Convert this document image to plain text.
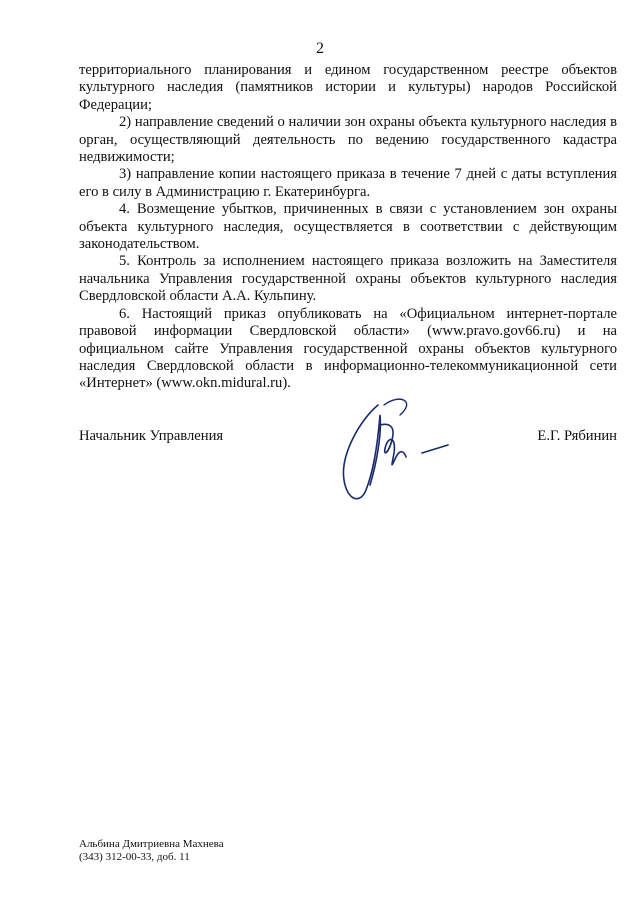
2

территориального планирования и едином государственном реестре объектов культурного наследия (памятников истории и культуры) народов Российской Федерации;

2) направление сведений о наличии зон охраны объекта культурного наследия в орган, осуществляющий деятельность по ведению государственного кадастра недвижимости;

3) направление копии настоящего приказа в течение 7 дней с даты вступления его в силу в Администрацию г. Екатеринбурга.

4. Возмещение убытков, причиненных в связи с установлением зон охраны объекта культурного наследия, осуществляется в соответствии с действующим законодательством.

5. Контроль за исполнением настоящего приказа возложить на Заместителя начальника Управления государственной охраны объектов культурного наследия Свердловской области А.А. Кульпину.

6. Настоящий приказ опубликовать на «Официальном интернет-портале правовой информации Свердловской области» (www.pravo.gov66.ru) и на официальном сайте Управления государственной охраны объектов культурного наследия Свердловской области в информационно-телекоммуникационной сети «Интернет» (www.okn.midural.ru).

Начальник Управления	Е.Г. Рябинин
Альбина Дмитриевна Махнева
(343) 312-00-33, доб. 11
